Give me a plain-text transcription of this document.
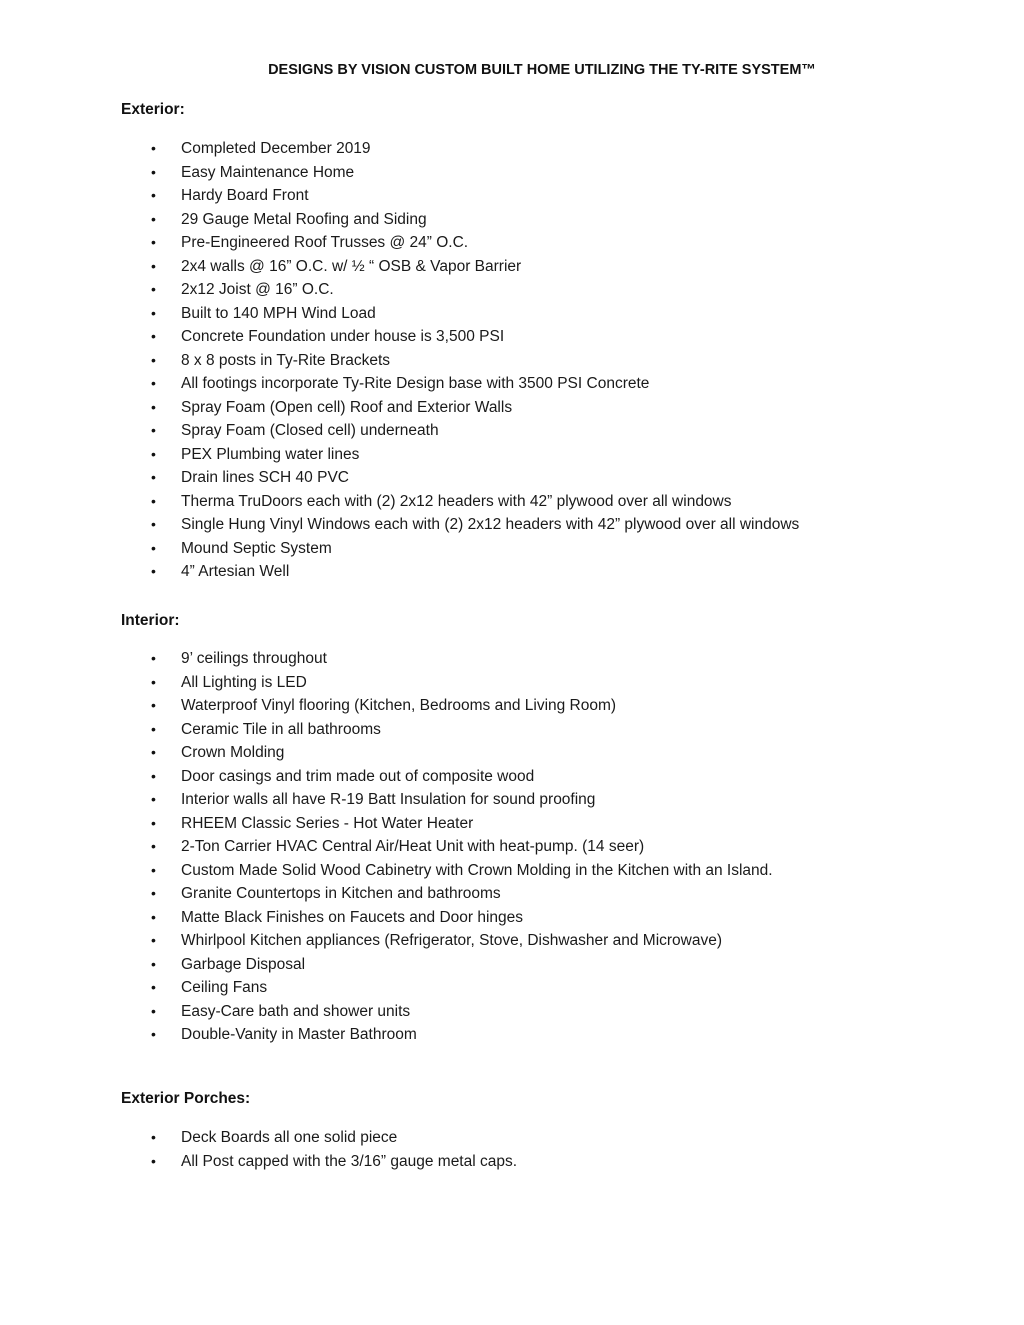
DESIGNS BY VISION CUSTOM BUILT HOME UTILIZING THE TY-RITE SYSTEM™
Exterior:
•	Completed December 2019
•	Easy Maintenance Home
•	Hardy Board Front
•	29 Gauge Metal Roofing and Siding
•	Pre-Engineered Roof Trusses @ 24” O.C.
•	2x4 walls @ 16” O.C. w/ ½ “ OSB & Vapor Barrier
•	2x12 Joist @ 16” O.C.
•	Built to 140 MPH Wind Load
•	Concrete Foundation under house is 3,500 PSI
•	8 x 8 posts in Ty-Rite Brackets
•	All footings incorporate Ty-Rite Design base with 3500 PSI Concrete
•	Spray Foam (Open cell) Roof and Exterior Walls
•	Spray Foam (Closed cell) underneath
•	PEX Plumbing water lines
•	Drain lines SCH 40 PVC
•	Therma TruDoors each with (2) 2x12 headers with 42” plywood over all windows
•	Single Hung Vinyl Windows each with (2) 2x12 headers with 42” plywood over all windows
•	Mound Septic System
•	4” Artesian Well
Interior:
•	9’ ceilings throughout
•	All Lighting is LED
•	Waterproof Vinyl flooring (Kitchen, Bedrooms and Living Room)
•	Ceramic Tile in all bathrooms
•	Crown Molding
•	Door casings and trim made out of composite wood
•	Interior walls all have R-19 Batt Insulation for sound proofing
•	RHEEM Classic Series - Hot Water Heater
•	2-Ton Carrier HVAC Central Air/Heat Unit with heat-pump. (14 seer)
•	Custom Made Solid Wood Cabinetry with Crown Molding in the Kitchen with an Island.
•	Granite Countertops in Kitchen and bathrooms
•	Matte Black Finishes on Faucets and Door hinges
•	Whirlpool Kitchen appliances (Refrigerator, Stove, Dishwasher and Microwave)
•	Garbage Disposal
•	Ceiling Fans
•	Easy-Care bath and shower units
•	Double-Vanity in Master Bathroom
Exterior Porches:
•	Deck Boards all one solid piece
•	All Post capped with the 3/16” gauge metal caps.
